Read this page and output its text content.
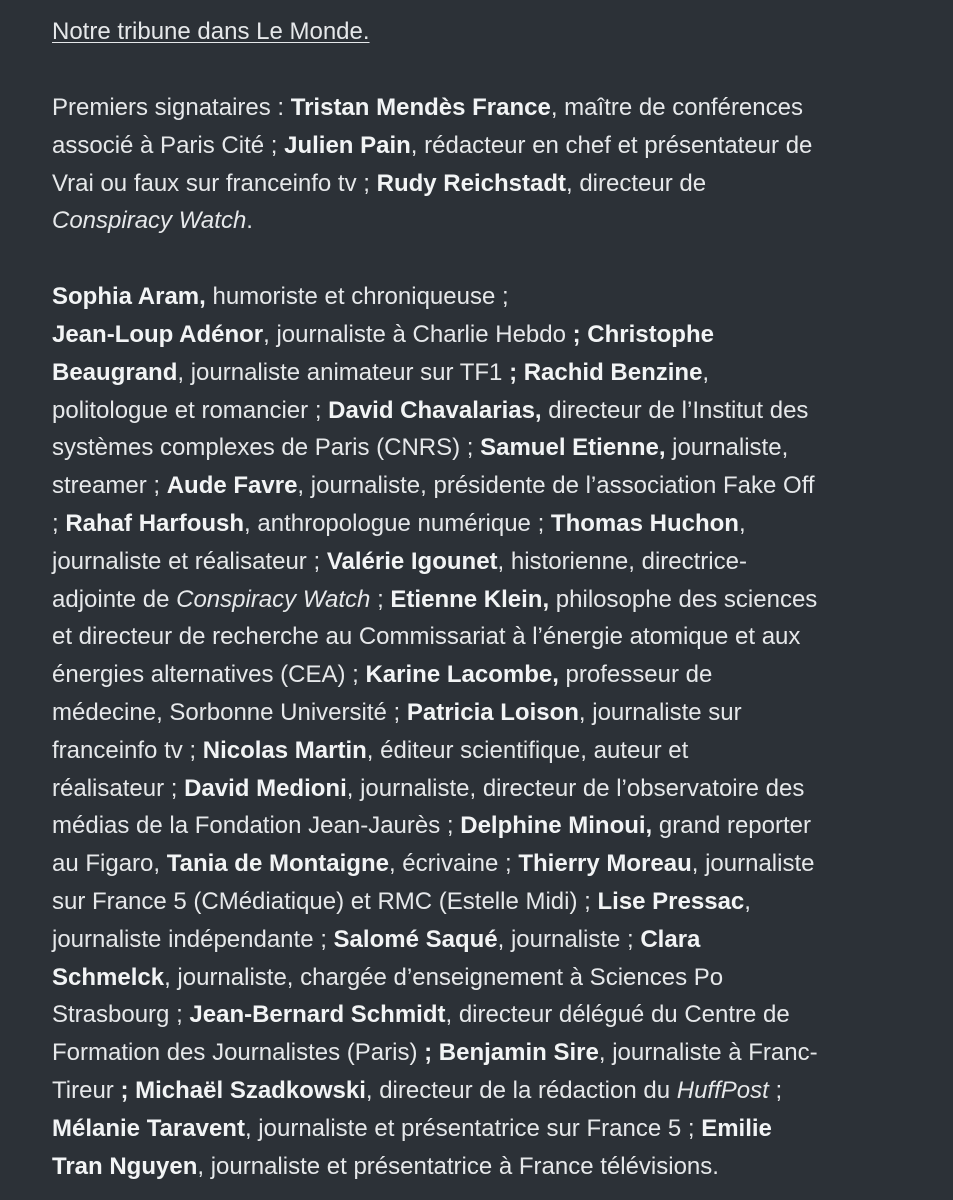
Notre tribune dans Le Monde.
Premiers signataires : Tristan Mendès France, maître de conférences
associé à Paris Cité ; Julien Pain, rédacteur en chef et présentateur de
Vrai ou faux sur franceinfo tv ; Rudy Reichstadt, directeur de
Conspiracy Watch.
Sophia Aram, humoriste et chroniqueuse ;
Jean-Loup Adénor, journaliste à Charlie Hebdo ; Christophe
Beaugrand, journaliste animateur sur TF1 ; Rachid Benzine,
politologue et romancier ; David Chavalarias, directeur de l’Institut des
systèmes complexes de Paris (CNRS) ; Samuel Etienne, journaliste,
streamer ; Aude Favre, journaliste, présidente de l’association Fake Off
; Rahaf Harfoush, anthropologue numérique ; Thomas Huchon,
journaliste et réalisateur ; Valérie Igounet, historienne, directrice-
adjointe de Conspiracy Watch ; Etienne Klein, philosophe des sciences
et directeur de recherche au Commissariat à l’énergie atomique et aux
énergies alternatives (CEA) ; Karine Lacombe, professeur de
médecine, Sorbonne Université ; Patricia Loison, journaliste sur
franceinfo tv ; Nicolas Martin, éditeur scientifique, auteur et
réalisateur ; David Medioni, journaliste, directeur de l’observatoire des
médias de la Fondation Jean-Jaurès ; Delphine Minoui, grand reporter
au Figaro, Tania de Montaigne, écrivaine ; Thierry Moreau, journaliste
sur France 5 (CMédiatique) et RMC (Estelle Midi) ; Lise Pressac,
journaliste indépendante ; Salomé Saqué, journaliste ; Clara
Schmelck, journaliste, chargée d’enseignement à Sciences Po
Strasbourg ; Jean-Bernard Schmidt, directeur délégué du Centre de
Formation des Journalistes (Paris) ; Benjamin Sire, journaliste à Franc-
Tireur ; Michaël Szadkowski, directeur de la rédaction du HuffPost ;
Mélanie Taravent, journaliste et présentatrice sur France 5 ; Emilie
Tran Nguyen, journaliste et présentatrice à France télévisions.
